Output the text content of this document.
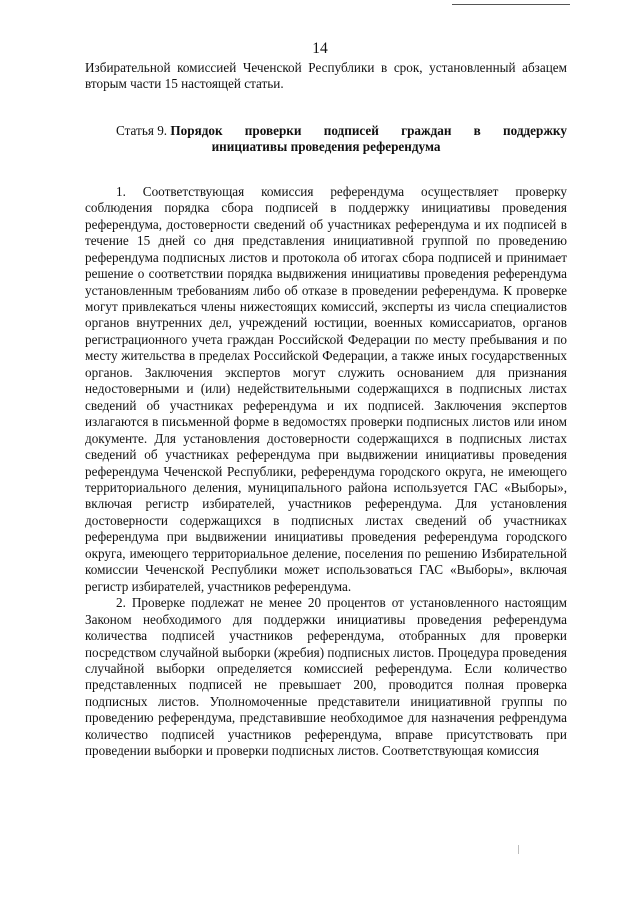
14

Избирательной комиссией Чеченской Республики в срок, установленный абзацем вторым части 15 настоящей статьи.

Статья 9. Порядок проверки подписей граждан в поддержку
инициативы проведения референдума

1. Соответствующая комиссия референдума осуществляет проверку соблюдения порядка сбора подписей в поддержку инициативы проведения референдума, достоверности сведений об участниках референдума и их подписей в течение 15 дней со дня представления инициативной группой по проведению референдума подписных листов и протокола об итогах сбора подписей и принимает решение о соответствии порядка выдвижения инициативы проведения референдума установленным требованиям либо об отказе в проведении референдума. К проверке могут привлекаться члены нижестоящих комиссий, эксперты из числа специалистов органов внутренних дел, учреждений юстиции, военных комиссариатов, органов регистрационного учета граждан Российской Федерации по месту пребывания и по месту жительства в пределах Российской Федерации, а также иных государственных органов. Заключения экспертов могут служить основанием для признания недостоверными и (или) недействительными содержащихся в подписных листах сведений об участниках референдума и их подписей. Заключения экспертов излагаются в письменной форме в ведомостях проверки подписных листов или ином документе. Для установления достоверности содержащихся в подписных листах сведений об участниках референдума при выдвижении инициативы проведения референдума Чеченской Республики, референдума городского округа, не имеющего территориального деления, муниципального района используется ГАС «Выборы», включая регистр избирателей, участников референдума. Для установления достоверности содержащихся в подписных листах сведений об участниках референдума при выдвижении инициативы проведения референдума городского округа, имеющего территориальное деление, поселения по решению Избирательной комиссии Чеченской Республики может использоваться ГАС «Выборы», включая регистр избирателей, участников референдума.

2. Проверке подлежат не менее 20 процентов от установленного настоящим Законом необходимого для поддержки инициативы проведения референдума количества подписей участников референдума, отобранных для проверки посредством случайной выборки (жребия) подписных листов. Процедура проведения случайной выборки определяется комиссией референдума. Если количество представленных подписей не превышает 200, проводится полная проверка подписных листов. Уполномоченные представители инициативной группы по проведению референдума, представившие необходимое для назначения рефрендума количество подписей участников референдума, вправе присутствовать при проведении выборки и проверки подписных листов. Соответствующая комиссия
